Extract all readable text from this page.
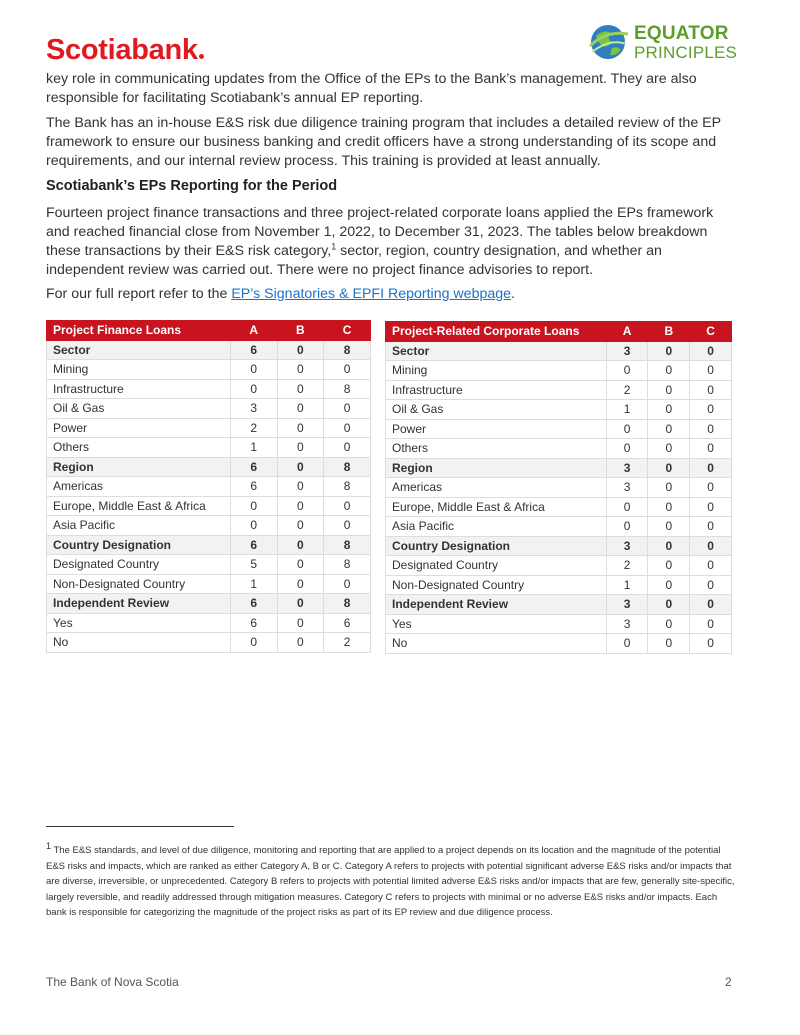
Scotiabank
EQUATOR
PRINCIPLES

key role in communicating updates from the Office of the EPs to the Bank’s management. They are also responsible for facilitating Scotiabank’s annual EP reporting.

The Bank has an in-house E&S risk due diligence training program that includes a detailed review of the EP framework to ensure our business banking and credit officers have a strong understanding of its scope and requirements, and our internal review process. This training is provided at least annually.

Scotiabank’s EPs Reporting for the Period

Fourteen project finance transactions and three project-related corporate loans applied the EPs framework and reached financial close from November 1, 2022, to December 31, 2023. The tables below breakdown these transactions by their E&S risk category,$^1$ sector, region, country designation, and whether an independent review was carried out. There were no project finance advisories to report.

For our full report refer to the EP’s Signatories & EPFI Reporting webpage.

Project Finance Loans	A	B	C
Sector	6	0	8
Mining	0	0	0
Infrastructure	0	0	8
Oil & Gas	3	0	0
Power	2	0	0
Others	1	0	0
Region	6	0	8
Americas	6	0	8
Europe, Middle East & Africa	0	0	0
Asia Pacific	0	0	0
Country Designation	6	0	8
Designated Country	5	0	8
Non-Designated Country	1	0	0
Independent Review	6	0	8
Yes	6	0	6
No	0	0	2
Project-Related Corporate Loans	A	B	C
Sector	3	0	0
Mining	0	0	0
Infrastructure	2	0	0
Oil & Gas	1	0	0
Power	0	0	0
Others	0	0	0
Region	3	0	0
Americas	3	0	0
Europe, Middle East & Africa	0	0	0
Asia Pacific	0	0	0
Country Designation	3	0	0
Designated Country	2	0	0
Non-Designated Country	1	0	0
Independent Review	3	0	0
Yes	3	0	0
No	0	0	0

$^1$ The E&S standards, and level of due diligence, monitoring and reporting that are applied to a project depends on its location and the magnitude of the potential E&S risks and impacts, which are ranked as either Category A, B or C. Category A refers to projects with potential significant adverse E&S risks and/or impacts that are diverse, irreversible, or unprecedented. Category B refers to projects with potential limited adverse E&S risks and/or impacts that are few, generally site-specific, largely reversible, and readily addressed through mitigation measures. Category C refers to projects with minimal or no adverse E&S risks and/or impacts. Each bank is responsible for categorizing the magnitude of the project risks as part of its EP review and due diligence process.

The Bank of Nova Scotia	2
